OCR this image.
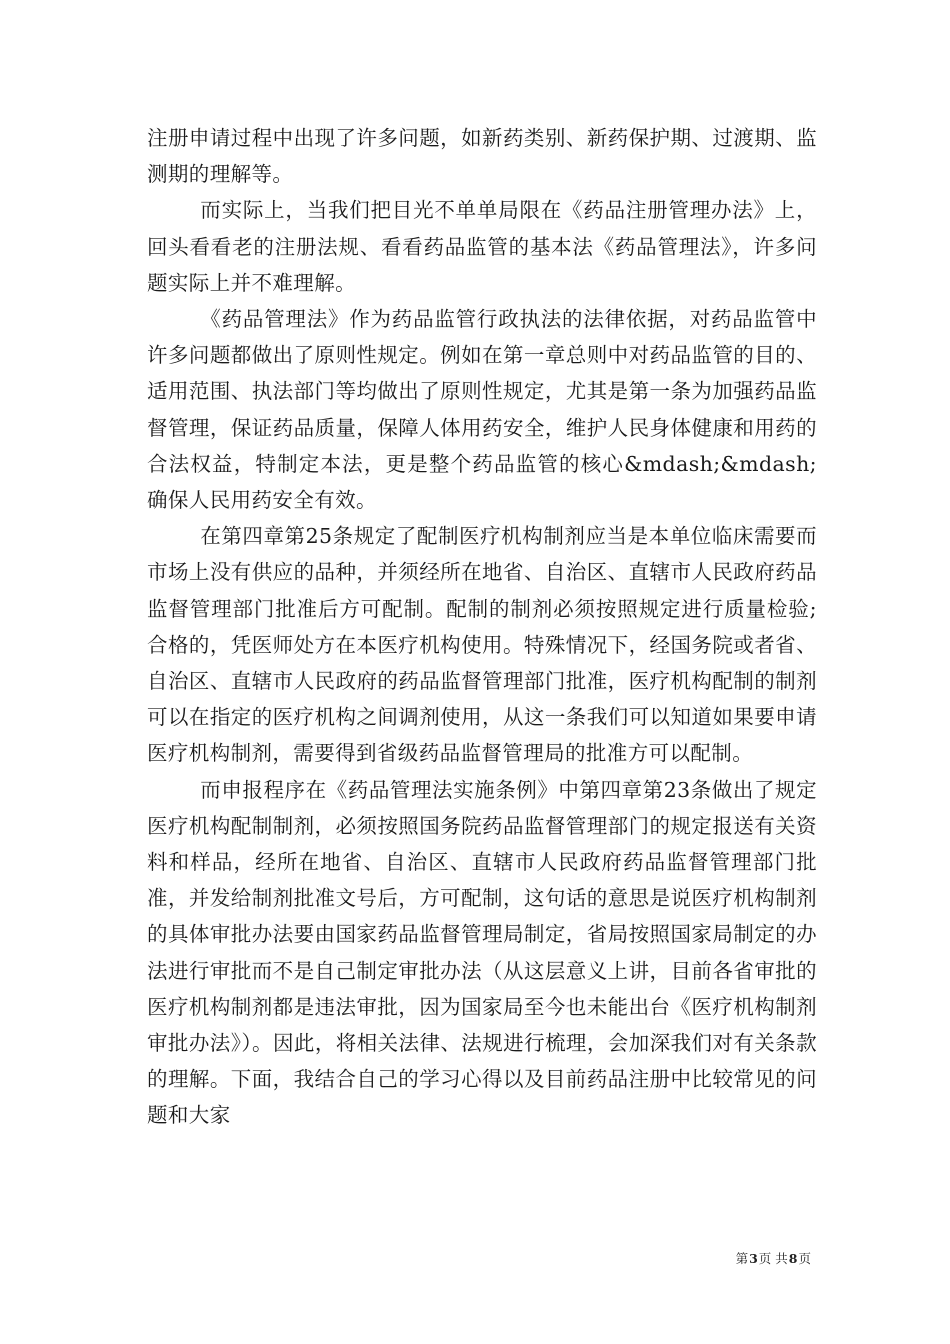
注册申请过程中出现了许多问题，如新药类别、新药保护期、过渡期、监测期的理解等。

而实际上，当我们把目光不单单局限在《药品注册管理办法》上，回头看看老的注册法规、看看药品监管的基本法《药品管理法》，许多问题实际上并不难理解。

《药品管理法》作为药品监管行政执法的法律依据，对药品监管中许多问题都做出了原则性规定。例如在第一章总则中对药品监管的目的、适用范围、执法部门等均做出了原则性规定，尤其是第一条为加强药品监督管理，保证药品质量，保障人体用药安全，维护人民身体健康和用药的合法权益，特制定本法，更是整个药品监管的核心&mdash;&mdash;确保人民用药安全有效。

在第四章第25条规定了配制医疗机构制剂应当是本单位临床需要而市场上没有供应的品种，并须经所在地省、自治区、直辖市人民政府药品监督管理部门批准后方可配制。配制的制剂必须按照规定进行质量检验;合格的，凭医师处方在本医疗机构使用。特殊情况下，经国务院或者省、自治区、直辖市人民政府的药品监督管理部门批准，医疗机构配制的制剂可以在指定的医疗机构之间调剂使用，从这一条我们可以知道如果要申请医疗机构制剂，需要得到省级药品监督管理局的批准方可以配制。

而申报程序在《药品管理法实施条例》中第四章第23条做出了规定医疗机构配制制剂，必须按照国务院药品监督管理部门的规定报送有关资料和样品，经所在地省、自治区、直辖市人民政府药品监督管理部门批准，并发给制剂批准文号后，方可配制，这句话的意思是说医疗机构制剂的具体审批办法要由国家药品监督管理局制定，省局按照国家局制定的办法进行审批而不是自己制定审批办法（从这层意义上讲，目前各省审批的医疗机构制剂都是违法审批，因为国家局至今也未能出台《医疗机构制剂审批办法》）。因此，将相关法律、法规进行梳理，会加深我们对有关条款的理解。下面，我结合自己的学习心得以及目前药品注册中比较常见的问题和大家

第3页 共8页
